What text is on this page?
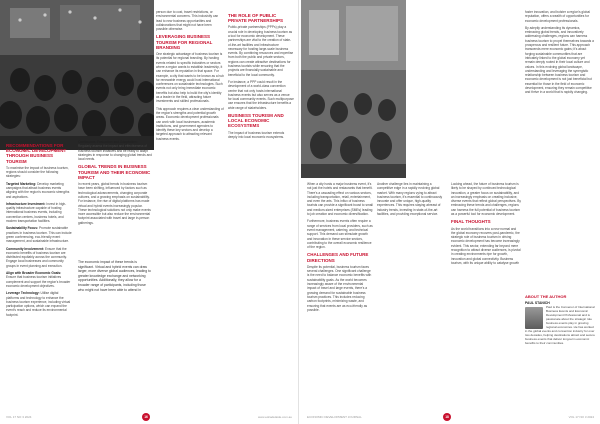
RECOMMENDATIONS FOR ECONOMIC DEVELOPMENT THROUGH BUSINESS TOURISM

To maximise the impact of business tourism, regions should consider the following strategies:

Targeted Marketing: Develop marketing campaigns that attract business events aligning with the region's economic strengths and aspirations.

Infrastructure Investment: Invest in high-quality infrastructure capable of hosting international business events, including convention centres, business hotels, and modern transportation facilities.

Sustainability Focus: Promote sustainable practices in business tourism. This can include green conferencing, eco-friendly event management, and sustainable infrastructure.

Community Involvement: Ensure that the economic benefits of business tourism are distributed equitably across the community. Engage local businesses and community groups in event planning and execution.

Align with Broader Economic Goals: Ensure that business tourism initiatives complement and support the region's broader economic development objectives.

Leverage Technology: Utilise digital platforms and technology to enhance the business tourism experience, including virtual participation options, which can expand the event's reach and reduce its environmental footprint.

Continuous Evaluation and Adaptation: Regularly assess the impact and effectiveness of business tourism initiatives and be ready to adapt strategies in response to changing global trends and local needs.

GLOBAL TRENDS IN BUSINESS TOURISM AND THEIR ECONOMIC IMPACT

In recent years, global trends in business tourism have been shifting, influenced by factors such as technological advancements, changing corporate cultures, and a growing emphasis on sustainability. For instance, the rise of digital platforms has made virtual and hybrid events increasingly popular. These technological solutions not only make events more accessible but also reduce the environmental footprint associated with travel and large in-person gatherings.

The economic impact of these trends is significant. Virtual and hybrid events can draw larger, more diverse global audiences, leading to greater knowledge exchange and networking opportunities. Additionally, they allow for a broader range of participants, including those who might not have been able to attend in

person due to cost, travel restrictions, or environmental concerns. This inclusivity can lead to new business opportunities and collaborations that might not have been possible otherwise.

LEVERAGING BUSINESS TOURISM FOR REGIONAL BRANDING

One strategic advantage of business tourism is its potential for regional branding. By hosting events related to specific industries or sectors where a region wants to establish leadership, it can enhance its reputation in that space. For example, a city that wants to be known as a hub for renewable energy could host international conferences on sustainable technologies. Such events not only bring immediate economic benefits but also help to build the city's identity as a leader in the field, attracting future investments and skilled professionals.

This approach requires a clear understanding of the region's strengths and potential growth areas. Economic development professionals can work with local businesses, academic institutions, and government agencies to identify these key sectors and develop a targeted approach to attracting relevant business events.

THE ROLE OF PUBLIC PRIVATE PARTNERSHIPS

Public-private partnerships (PPPs) play a crucial role in developing business tourism as a tool for economic development. These partnerships are vital to the creation of state-of-the-art facilities and infrastructure necessary for hosting large-scale business events. By combining resources and expertise from both the public and private sectors, regions can create attractive destinations for business tourists while ensuring that the projects are financially sustainable and beneficial to the local community.

For instance, a PPP could result in the development of a world-class convention centre that not only hosts international business events but also serves as a venue for local community events. Such multipurpose use ensures that the infrastructure benefits a wide range of stakeholders.

BUSINESS TOURISM AND LOCAL ECONOMIC ECOSYSTEMS

The impact of business tourism extends deeply into local economic ecosystems.

VOL 17 NO 3 2024	16	www.edcadelaide.com.au

When a city hosts a major business event, it's not just the hotels and restaurants that benefit. There's a cascading effect on various sectors, including transportation, retail, entertainment, and even the arts. This influx of business tourists can provide a significant boost to small and medium-sized enterprises (SMEs) leading to job creation and economic diversification.

Furthermore, business events often require a range of services from local providers, such as event management, catering, and technical support. This demand can stimulate growth and innovation in these service sectors, contributing to the overall economic resilience of the region.

CHALLENGES AND FUTURE DIRECTIONS

Despite its potential, business tourism faces several challenges. One significant challenge is the need to balance economic benefits with sustainability goals. As the world becomes increasingly aware of the environmental impact of travel and large events, there's a growing demand for sustainable business tourism practices. This includes reducing carbon footprints, minimizing waste, and ensuring that events are as eco-friendly as possible.

Another challenge lies in maintaining a competitive edge in a rapidly evolving global market. With many regions vying to attract business tourism, it's essential to continuously innovate and offer unique, high-quality experiences. This requires staying abreast of industry trends, investing in state-of-the-art facilities, and providing exceptional service.

Looking ahead, the future of business tourism is likely to be shaped by continued technological innovation, a greater focus on sustainability, and an increasingly emphasis on creating inclusive, diverse events that reflect global perspectives. By embracing these trends and challenges, regions can harness the full potential of business tourism as a powerful tool for economic development.

FINAL THOUGHTS

As the world transitions into a new normal and the global economy recovers post-pandemic, the strategic role of business tourism in driving economic development has become increasingly evident. This sector, extending far beyond mere recognition to attract diverse audiences, is pivotal in creating environments ripe for growth, innovation and global connectivity. Business tourism, with its unique ability to catalyse growth

foster innovation, and bolster a region's global reputation, offers a wealth of opportunities for economic development professionals.

By adeptly understanding its dynamics, embracing global trends, and innovatively addressing challenges, regions can harness business tourism to propel themselves towards a prosperous and resilient future. This approach transcends mere economic gains; it's about forging sustainable communities that are intricately linked to the global economy yet remain deeply rooted in their local culture and values. In this evolving global landscape, understanding and leveraging the synergistic relationship between business tourism and economic development is not just beneficial but essential for those in the field of economic development, ensuring they remain competitive and thrive in a world that is rapidly changing.

ABOUT THE AUTHOR
PAUL STANICH
Paul is the Convenor of International Business Events and Economic Development Professional and is passionate about the strategic role business events play in growing regional economies. He has worked in the global events and convention industry for over two decades, helping destinations attract and secure business events that deliver long-term economic benefits to their communities.
ECONOMIC DEVELOPMENT JOURNAL	18	VOL 17 NO 3 2024
